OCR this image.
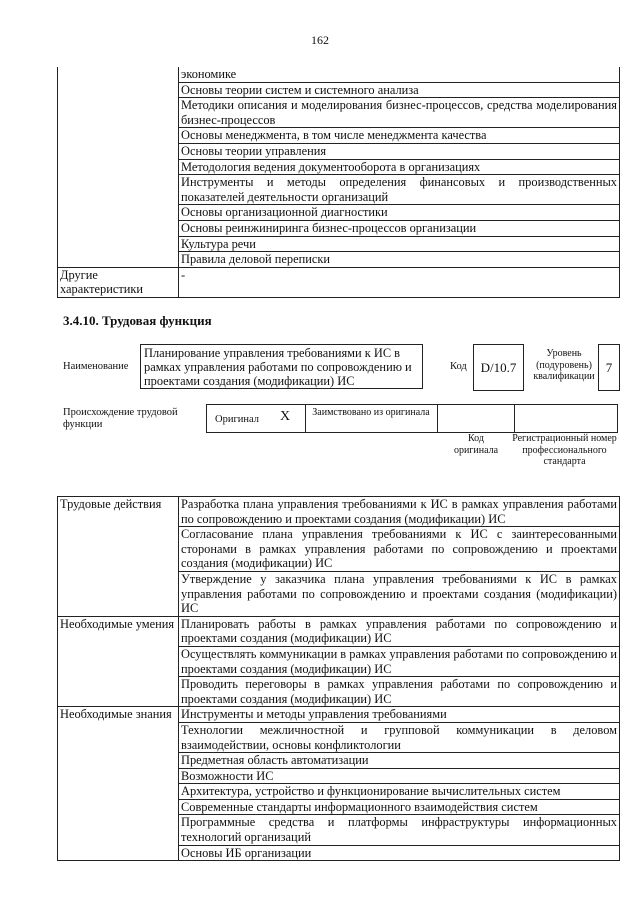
162
	экономике
	Основы теории систем и системного анализа
	Методики описания и моделирования бизнес-процессов, средства моделирования бизнес-процессов
	Основы менеджмента, в том числе менеджмента качества
	Основы теории управления
	Методология ведения документооборота в организациях
	Инструменты и методы определения финансовых и производственных показателей деятельности организаций
	Основы организационной диагностики
	Основы реинжиниринга бизнес-процессов организации
	Культура речи
	Правила деловой переписки
Другие характеристики	-
3.4.10. Трудовая функция
Наименование
Планирование управления требованиями к ИС в рамках управления работами по сопровождению и проектами создания (модификации) ИС
Код D/10.7
Уровень (подуровень) квалификации
7
Происхождение трудовой функции	Оригинал	X	Заимствовано из оригинала
Код оригинала
Регистрационный номер профессионального стандарта
Трудовые действия	Разработка плана управления требованиями к ИС в рамках управления работами по сопровождению и проектами создания (модификации) ИС
	Согласование плана управления требованиями к ИС с заинтересованными сторонами в рамках управления работами по сопровождению и проектами создания (модификации) ИС
	Утверждение у заказчика плана управления требованиями к ИС в рамках управления работами по сопровождению и проектами создания (модификации) ИС
Необходимые умения	Планировать работы в рамках управления работами по сопровождению и проектами создания (модификации) ИС
	Осуществлять коммуникации в рамках управления работами по сопровождению и проектами создания (модификации) ИС
	Проводить переговоры в рамках управления работами по сопровождению и проектами создания (модификации) ИС
Необходимые знания	Инструменты и методы управления требованиями
	Технологии межличностной и групповой коммуникации в деловом взаимодействии, основы конфликтологии
	Предметная область автоматизации
	Возможности ИС
	Архитектура, устройство и функционирование вычислительных систем
	Современные стандарты информационного взаимодействия систем
	Программные средства и платформы инфраструктуры информационных технологий организаций
	Основы ИБ организации
